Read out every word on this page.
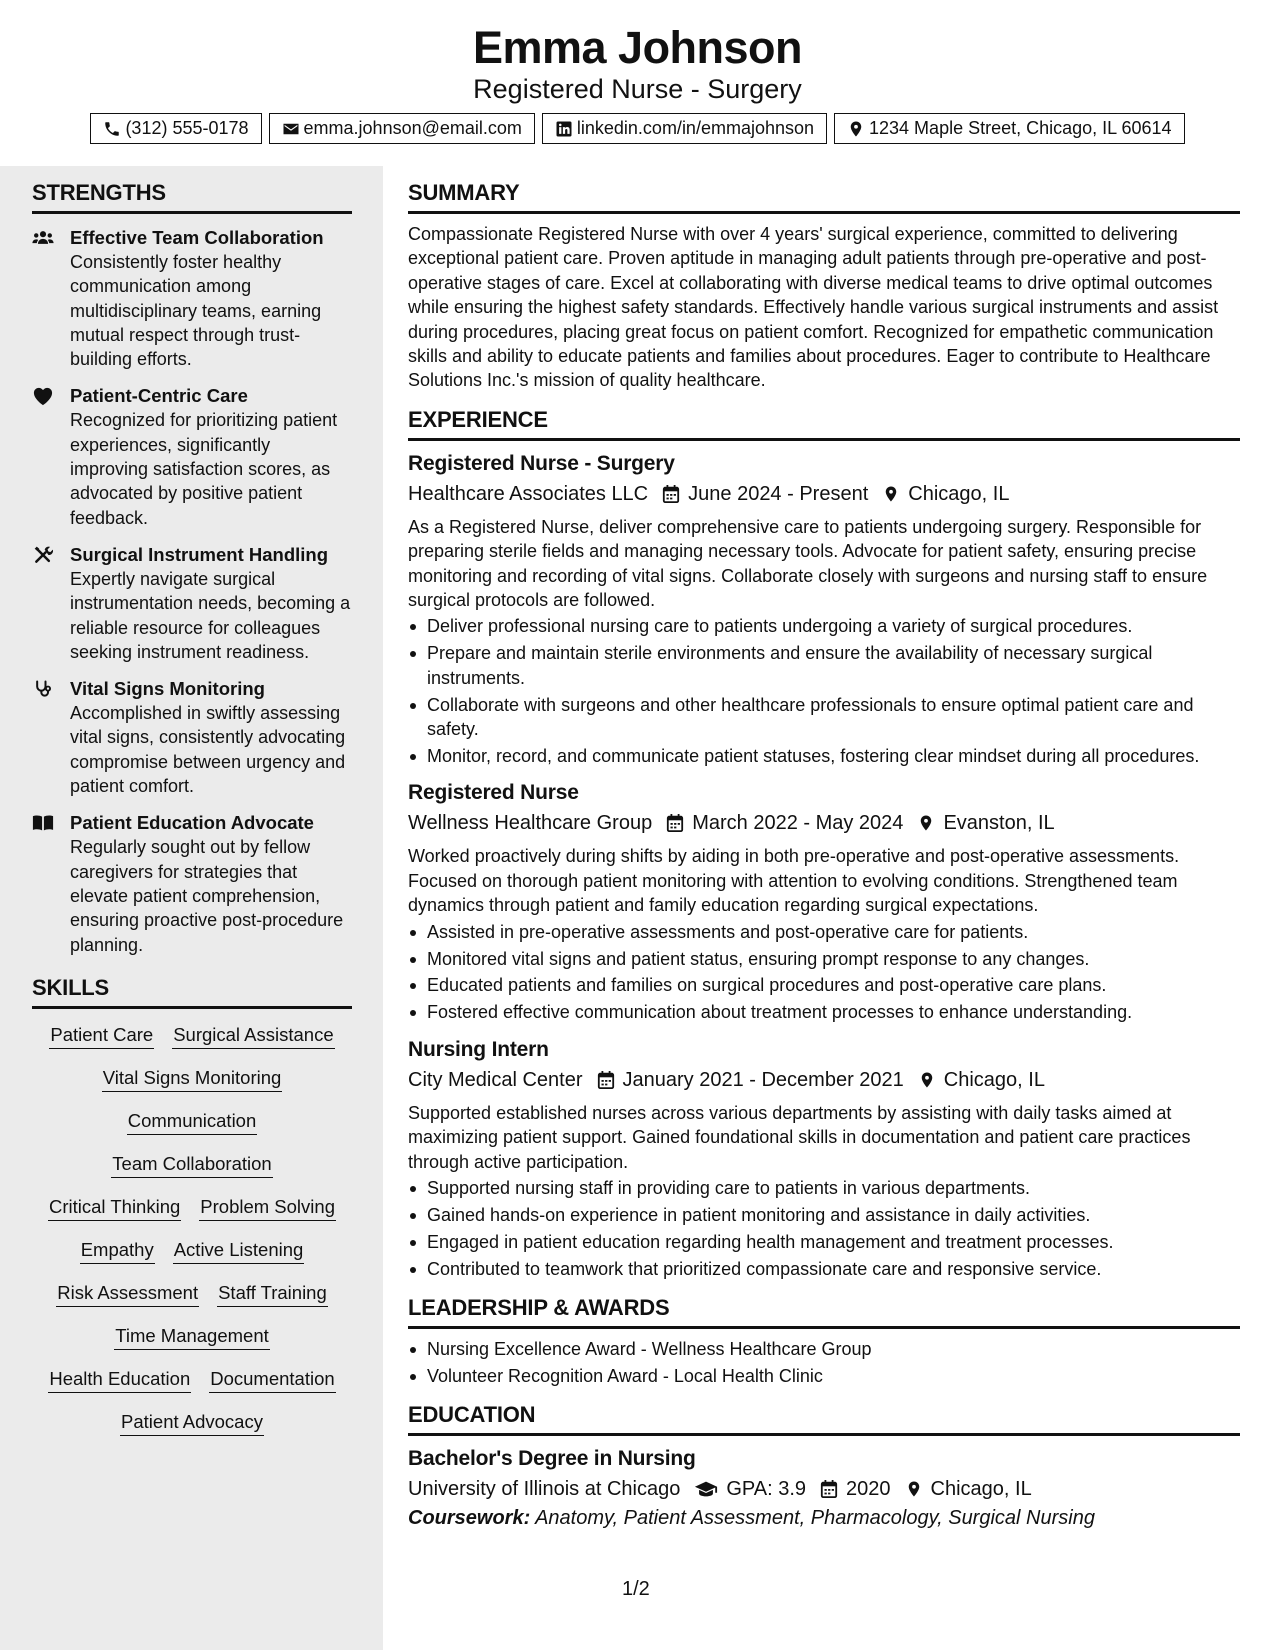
Emma Johnson
Registered Nurse - Surgery
(312) 555-0178	emma.johnson@email.com	linkedin.com/in/emmajohnson	1234 Maple Street, Chicago, IL 60614
STRENGTHS
Effective Team Collaboration
Consistently foster healthy communication among multidisciplinary teams, earning mutual respect through trust-building efforts.
Patient-Centric Care
Recognized for prioritizing patient experiences, significantly improving satisfaction scores, as advocated by positive patient feedback.
Surgical Instrument Handling
Expertly navigate surgical instrumentation needs, becoming a reliable resource for colleagues seeking instrument readiness.
Vital Signs Monitoring
Accomplished in swiftly assessing vital signs, consistently advocating compromise between urgency and patient comfort.
Patient Education Advocate
Regularly sought out by fellow caregivers for strategies that elevate patient comprehension, ensuring proactive post-procedure planning.
SKILLS
Patient Care Surgical Assistance
Vital Signs Monitoring
Communication
Team Collaboration
Critical Thinking Problem Solving
Empathy Active Listening
Risk Assessment Staff Training
Time Management
Health Education Documentation
Patient Advocacy
SUMMARY
Compassionate Registered Nurse with over 4 years' surgical experience, committed to delivering exceptional patient care. Proven aptitude in managing adult patients through pre-operative and post-operative stages of care. Excel at collaborating with diverse medical teams to drive optimal outcomes while ensuring the highest safety standards. Effectively handle various surgical instruments and assist during procedures, placing great focus on patient comfort. Recognized for empathetic communication skills and ability to educate patients and families about procedures. Eager to contribute to Healthcare Solutions Inc.'s mission of quality healthcare.
EXPERIENCE
Registered Nurse - Surgery
Healthcare Associates LLC June 2024 - Present Chicago, IL
As a Registered Nurse, deliver comprehensive care to patients undergoing surgery. Responsible for preparing sterile fields and managing necessary tools. Advocate for patient safety, ensuring precise monitoring and recording of vital signs. Collaborate closely with surgeons and nursing staff to ensure surgical protocols are followed.
Deliver professional nursing care to patients undergoing a variety of surgical procedures.
Prepare and maintain sterile environments and ensure the availability of necessary surgical instruments.
Collaborate with surgeons and other healthcare professionals to ensure optimal patient care and safety.
Monitor, record, and communicate patient statuses, fostering clear mindset during all procedures.
Registered Nurse
Wellness Healthcare Group March 2022 - May 2024 Evanston, IL
Worked proactively during shifts by aiding in both pre-operative and post-operative assessments. Focused on thorough patient monitoring with attention to evolving conditions. Strengthened team dynamics through patient and family education regarding surgical expectations.
Assisted in pre-operative assessments and post-operative care for patients.
Monitored vital signs and patient status, ensuring prompt response to any changes.
Educated patients and families on surgical procedures and post-operative care plans.
Fostered effective communication about treatment processes to enhance understanding.
Nursing Intern
City Medical Center January 2021 - December 2021 Chicago, IL
Supported established nurses across various departments by assisting with daily tasks aimed at maximizing patient support. Gained foundational skills in documentation and patient care practices through active participation.
Supported nursing staff in providing care to patients in various departments.
Gained hands-on experience in patient monitoring and assistance in daily activities.
Engaged in patient education regarding health management and treatment processes.
Contributed to teamwork that prioritized compassionate care and responsive service.
LEADERSHIP & AWARDS
Nursing Excellence Award - Wellness Healthcare Group
Volunteer Recognition Award - Local Health Clinic
EDUCATION
Bachelor's Degree in Nursing
University of Illinois at Chicago GPA: 3.9 2020 Chicago, IL
Coursework: Anatomy, Patient Assessment, Pharmacology, Surgical Nursing
1/2
